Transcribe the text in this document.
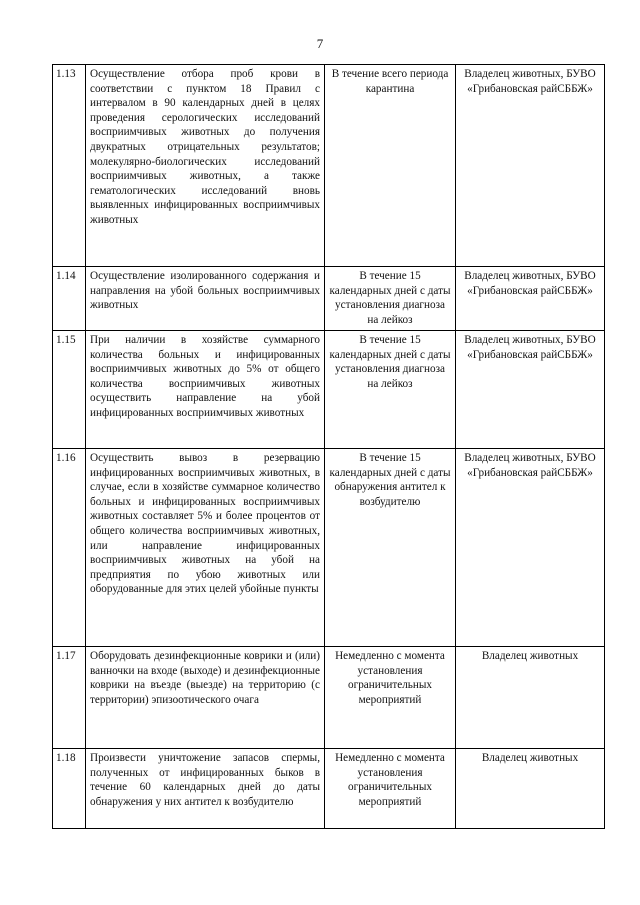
7
1.13	Осуществление отбора проб крови в соответствии с пунктом 18 Правил с интервалом в 90 календарных дней в целях проведения серологических исследований восприимчивых животных до получения двукратных отрицательных результатов; молекулярно-биологических исследований восприимчивых животных, а также гематологических исследований вновь выявленных инфицированных восприимчивых животных	В течение всего периода карантина	Владелец животных, БУВО «Грибановская райСББЖ»
1.14	Осуществление изолированного содержания и направления на убой больных восприимчивых животных	В течение 15 календарных дней с даты установления диагноза на лейкоз	Владелец животных, БУВО «Грибановская райСББЖ»
1.15	При наличии в хозяйстве суммарного количества больных и инфицированных восприимчивых животных до 5% от общего количества восприимчивых животных осуществить направление на убой инфицированных восприимчивых животных	В течение 15 календарных дней с даты установления диагноза на лейкоз	Владелец животных, БУВО «Грибановская райСББЖ»
1.16	Осуществить вывоз в резервацию инфицированных восприимчивых животных, в случае, если в хозяйстве суммарное количество больных и инфицированных восприимчивых животных составляет 5% и более процентов от общего количества восприимчивых животных, или направление инфицированных восприимчивых животных на убой на предприятия по убою животных или оборудованные для этих целей убойные пункты	В течение 15 календарных дней с даты обнаружения антител к возбудителю	Владелец животных, БУВО «Грибановская райСББЖ»
1.17	Оборудовать дезинфекционные коврики и (или) ванночки на входе (выходе) и дезинфекционные коврики на въезде (выезде) на территорию (с территории) эпизоотического очага	Немедленно с момента установления ограничительных мероприятий	Владелец животных
1.18	Произвести уничтожение запасов спермы, полученных от инфицированных быков в течение 60 календарных дней до даты обнаружения у них антител к возбудителю	Немедленно с момента установления ограничительных мероприятий	Владелец животных
